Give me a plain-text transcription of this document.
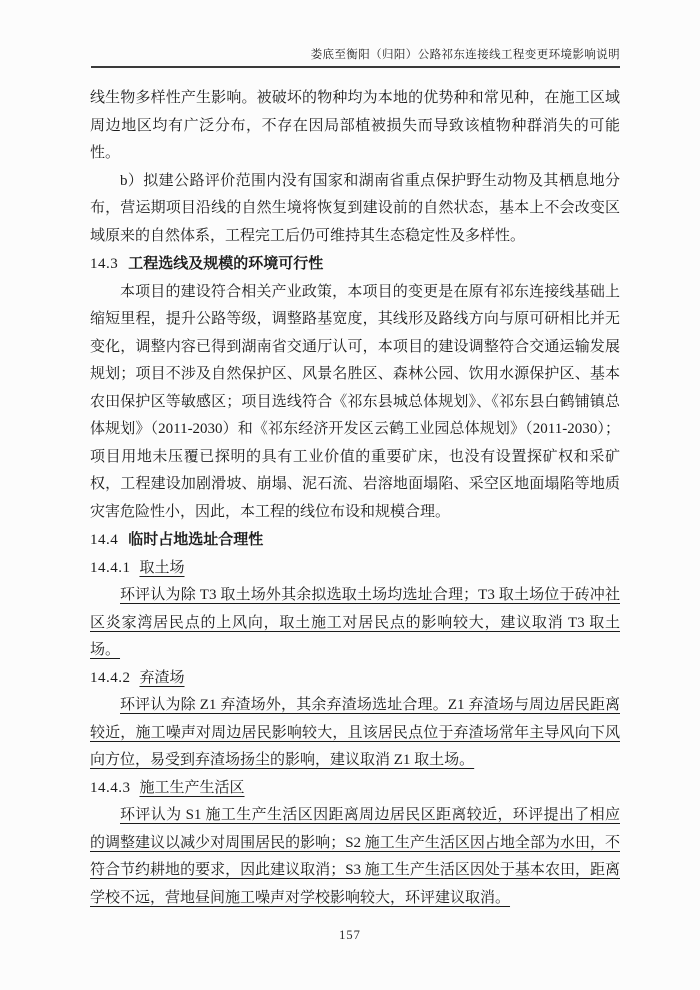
娄底至衡阳（归阳）公路祁东连接线工程变更环境影响说明

线生物多样性产生影响。被破坏的物种均为本地的优势种和常见种，在施工区域周边地区均有广泛分布，不存在因局部植被损失而导致该植物种群消失的可能性。

b）拟建公路评价范围内没有国家和湖南省重点保护野生动物及其栖息地分布，营运期项目沿线的自然生境将恢复到建设前的自然状态，基本上不会改变区域原来的自然体系，工程完工后仍可维持其生态稳定性及多样性。

14.3 工程选线及规模的环境可行性

本项目的建设符合相关产业政策，本项目的变更是在原有祁东连接线基础上缩短里程，提升公路等级，调整路基宽度，其线形及路线方向与原可研相比并无变化，调整内容已得到湖南省交通厅认可，本项目的建设调整符合交通运输发展规划；项目不涉及自然保护区、风景名胜区、森林公园、饮用水源保护区、基本农田保护区等敏感区；项目选线符合《祁东县城总体规划》、《祁东县白鹤铺镇总体规划》（2011-2030）和《祁东经济开发区云鹤工业园总体规划》（2011-2030）；项目用地未压覆已探明的具有工业价值的重要矿床，也没有设置探矿权和采矿权，工程建设加剧滑坡、崩塌、泥石流、岩溶地面塌陷、采空区地面塌陷等地质灾害危险性小，因此，本工程的线位布设和规模合理。

14.4 临时占地选址合理性
14.4.1 取土场

环评认为除 T3 取土场外其余拟选取土场均选址合理；T3 取土场位于砖冲社区炎家湾居民点的上风向，取土施工对居民点的影响较大，建议取消 T3 取土场。

14.4.2 弃渣场

环评认为除 Z1 弃渣场外，其余弃渣场选址合理。Z1 弃渣场与周边居民距离较近，施工噪声对周边居民影响较大，且该居民点位于弃渣场常年主导风向下风向方位，易受到弃渣场扬尘的影响，建议取消 Z1 取土场。

14.4.3 施工生产生活区

环评认为 S1 施工生产生活区因距离周边居民区距离较近，环评提出了相应的调整建议以减少对周围居民的影响；S2 施工生产生活区因占地全部为水田，不符合节约耕地的要求，因此建议取消；S3 施工生产生活区因处于基本农田，距离学校不远，营地昼间施工噪声对学校影响较大，环评建议取消。

157
